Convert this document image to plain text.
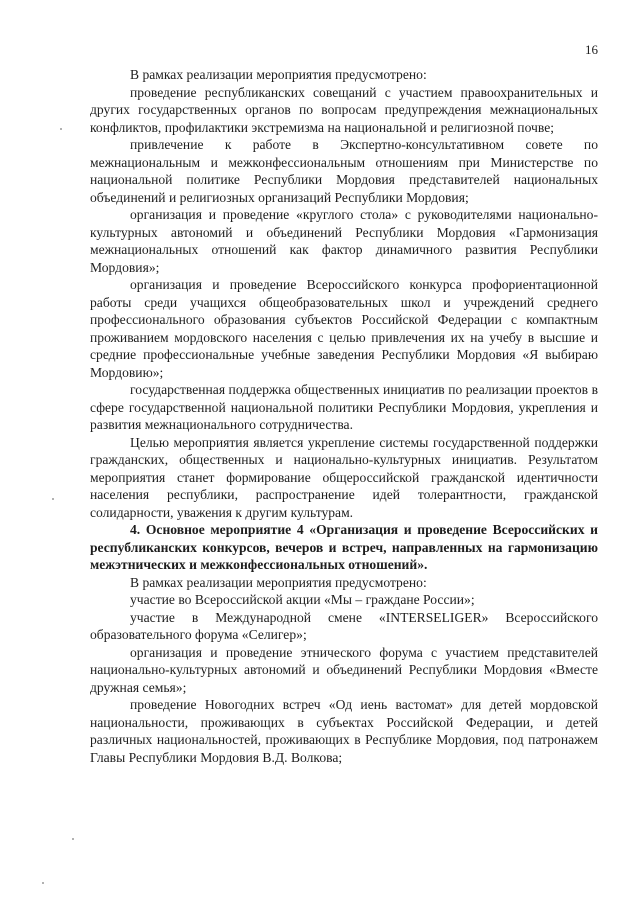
16

В рамках реализации мероприятия предусмотрено:

проведение республиканских совещаний с участием правоохранительных и других государственных органов по вопросам предупреждения межнациональных конфликтов, профилактики экстремизма на национальной и религиозной почве;

привлечение к работе в Экспертно-консультативном совете по межнациональным и межконфессиональным отношениям при Министерстве по национальной политике Республики Мордовия представителей национальных объединений и религиозных организаций Республики Мордовия;

организация и проведение «круглого стола» с руководителями национально-культурных автономий и объединений Республики Мордовия «Гармонизация межнациональных отношений как фактор динамичного развития Республики Мордовия»;

организация и проведение Всероссийского конкурса профориентационной работы среди учащихся общеобразовательных школ и учреждений среднего профессионального образования субъектов Российской Федерации с компактным проживанием мордовского населения с целью привлечения их на учебу в высшие и средние профессиональные учебные заведения Республики Мордовия «Я выбираю Мордовию»;

государственная поддержка общественных инициатив по реализации проектов в сфере государственной национальной политики Республики Мордовия, укрепления и развития межнационального сотрудничества.

Целью мероприятия является укрепление системы государственной поддержки гражданских, общественных и национально-культурных инициатив. Результатом мероприятия станет формирование общероссийской гражданской идентичности населения республики, распространение идей толерантности, гражданской солидарности, уважения к другим культурам.

4. Основное мероприятие 4 «Организация и проведение Всероссийских и республиканских конкурсов, вечеров и встреч, направленных на гармонизацию межэтнических и межконфессиональных отношений».

В рамках реализации мероприятия предусмотрено:

участие во Всероссийской акции «Мы – граждане России»;

участие в Международной смене «INTERSELIGER» Всероссийского образовательного форума «Селигер»;

организация и проведение этнического форума с участием представителей национально-культурных автономий и объединений Республики Мордовия «Вместе дружная семья»;

проведение Новогодних встреч «Од иень вастомат» для детей мордовской национальности, проживающих в субъектах Российской Федерации, и детей различных национальностей, проживающих в Республике Мордовия, под патронажем Главы Республики Мордовия В.Д. Волкова;
